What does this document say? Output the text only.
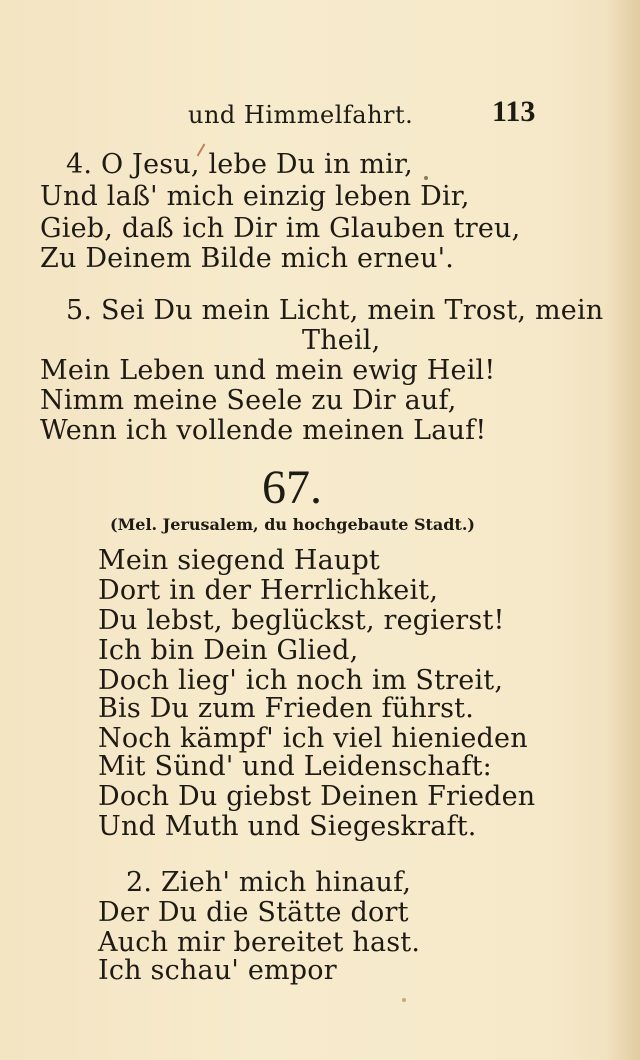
und Himmelfahrt.	113
4. O Jesu, lebe Du in mir,
Und laß' mich einzig leben Dir,
Gieb, daß ich Dir im Glauben treu,
Zu Deinem Bilde mich erneu'.
5. Sei Du mein Licht, mein Trost, mein
Theil,
Mein Leben und mein ewig Heil!
Nimm meine Seele zu Dir auf,
Wenn ich vollende meinen Lauf!
67.
(Mel. Jerusalem, du hochgebaute Stadt.)
Mein siegend Haupt
Dort in der Herrlichkeit,
Du lebst, beglückst, regierst!
Ich bin Dein Glied,
Doch lieg' ich noch im Streit,
Bis Du zum Frieden führst.
Noch kämpf' ich viel hienieden
Mit Sünd' und Leidenschaft:
Doch Du giebst Deinen Frieden
Und Muth und Siegeskraft.
2. Zieh' mich hinauf,
Der Du die Stätte dort
Auch mir bereitet hast.
Ich schau' empor
